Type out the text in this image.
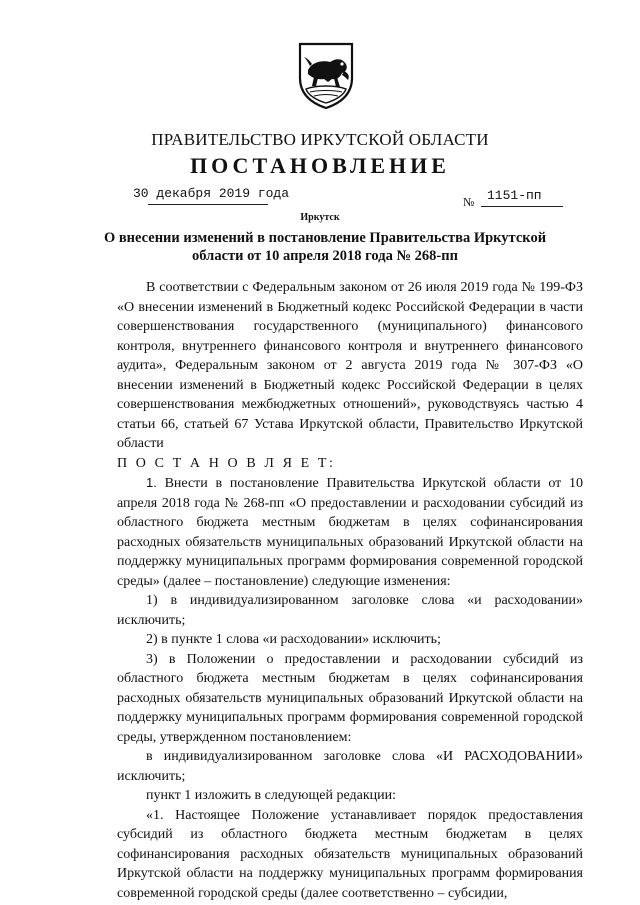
ПРАВИТЕЛЬСТВО ИРКУТСКОЙ ОБЛАСТИ
ПОСТАНОВЛЕНИЕ
30 декабря 2019 года
№ 1151-пп
Иркутск
О внесении изменений в постановление Правительства Иркутской области от 10 апреля 2018 года № 268-пп

В соответствии с Федеральным законом от 26 июля 2019 года № 199-ФЗ «О внесении изменений в Бюджетный кодекс Российской Федерации в части совершенствования государственного (муниципального) финансового контроля, внутреннего финансового контроля и внутреннего финансового аудита», Федеральным законом от 2 августа 2019 года № 307-ФЗ «О внесении изменений в Бюджетный кодекс Российской Федерации в целях совершенствования межбюджетных отношений», руководствуясь частью 4 статьи 66, статьей 67 Устава Иркутской области, Правительство Иркутской области

П О С Т А Н О В Л Я Е Т:

1. Внести в постановление Правительства Иркутской области от 10 апреля 2018 года № 268-пп «О предоставлении и расходовании субсидий из областного бюджета местным бюджетам в целях софинансирования расходных обязательств муниципальных образований Иркутской области на поддержку муниципальных программ формирования современной городской среды» (далее – постановление) следующие изменения:

1) в индивидуализированном заголовке слова «и расходовании» исключить;

2) в пункте 1 слова «и расходовании» исключить;

3) в Положении о предоставлении и расходовании субсидий из областного бюджета местным бюджетам в целях софинансирования расходных обязательств муниципальных образований Иркутской области на поддержку муниципальных программ формирования современной городской среды, утвержденном постановлением:

в индивидуализированном заголовке слова «И РАСХОДОВАНИИ» исключить;

пункт 1 изложить в следующей редакции:

«1. Настоящее Положение устанавливает порядок предоставления субсидий из областного бюджета местным бюджетам в целях софинансирования расходных обязательств муниципальных образований Иркутской области на поддержку муниципальных программ формирования современной городской среды (далее соответственно – субсидии,
